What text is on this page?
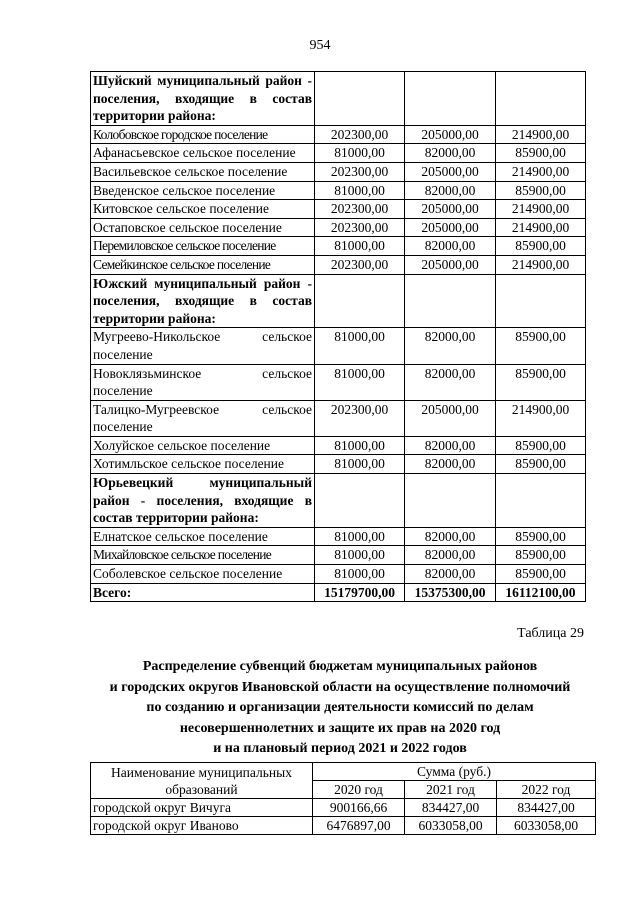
954
Шуйский муниципальный район - поселения, входящие в состав территории района:			
Колобовское городское поселение	202300,00	205000,00	214900,00
Афанасьевское сельское поселение	81000,00	82000,00	85900,00
Васильевское сельское поселение	202300,00	205000,00	214900,00
Введенское сельское поселение	81000,00	82000,00	85900,00
Китовское сельское поселение	202300,00	205000,00	214900,00
Остаповское сельское поселение	202300,00	205000,00	214900,00
Перемиловское сельское поселение	81000,00	82000,00	85900,00
Семейкинское сельское поселение	202300,00	205000,00	214900,00
Южский муниципальный район - поселения, входящие в состав территории района:			
Мугреево-Никольское сельское поселение	81000,00	82000,00	85900,00
Новоклязьминское сельское поселение	81000,00	82000,00	85900,00
Талицко-Мугреевское сельское поселение	202300,00	205000,00	214900,00
Холуйское сельское поселение	81000,00	82000,00	85900,00
Хотимльское сельское поселение	81000,00	82000,00	85900,00
Юрьевецкий муниципальный район - поселения, входящие в состав территории района:			
Елнатское сельское поселение	81000,00	82000,00	85900,00
Михайловское сельское поселение	81000,00	82000,00	85900,00
Соболевское сельское поселение	81000,00	82000,00	85900,00
Всего:	15179700,00	15375300,00	16112100,00
Таблица 29
Распределение субвенций бюджетам муниципальных районов
и городских округов Ивановской области на осуществление полномочий
по созданию и организации деятельности комиссий по делам
несовершеннолетних и защите их прав на 2020 год
и на плановый период 2021 и 2022 годов
Наименование муниципальных образований	Сумма (руб.)		
	2020 год	2021 год	2022 год
городской округ Вичуга	900166,66	834427,00	834427,00
городской округ Иваново	6476897,00	6033058,00	6033058,00
